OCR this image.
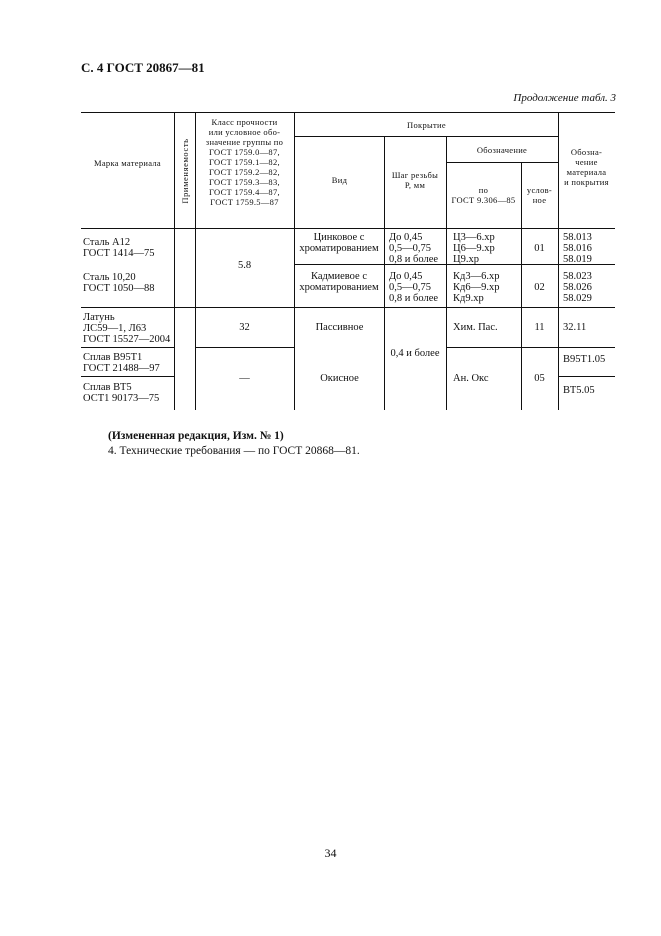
С. 4 ГОСТ 20867—81
Продолжение табл. 3
Марка материала	Применяемость
Класс прочности
или условное обо-
значение группы по
ГОСТ 1759.0—87,
ГОСТ 1759.1—82,
ГОСТ 1759.2—82,
ГОСТ 1759.3—83,
ГОСТ 1759.4—87,
ГОСТ 1759.5—87
Покрытие
Вид	Шаг резьбы
P, мм
Обозначение
по
ГОСТ 9.306—85
услов-
ное
Обозна-
чение
материала
и покрытия
Сталь А12
ГОСТ 1414—75
Сталь 10,20
ГОСТ 1050—88
Латунь
ЛС59—1, Л63
ГОСТ 15527—2004
Сплав В95Т1
ГОСТ 21488—97
Сплав ВТ5
ОСТ1 90173—75
5.8
32
—
Цинковое с
хроматированием
Кадмиевое с
хроматированием
Пассивное
Окисное
До 0,45
0,5—0,75
0,8 и более
До 0,45
0,5—0,75
0,8 и более
0,4 и более
Ц3—6.хр
Ц6—9.хр
Ц9.хр
Кд3—6.хр
Кд6—9.хр
Кд9.хр
Хим. Пас.
Ан. Окс
01
02
11
05
58.013
58.016
58.019
58.023
58.026
58.029
32.11
В95Т1.05
ВТ5.05
(Измененная редакция, Изм. № 1)
4. Технические требования — по ГОСТ 20868—81.
34
